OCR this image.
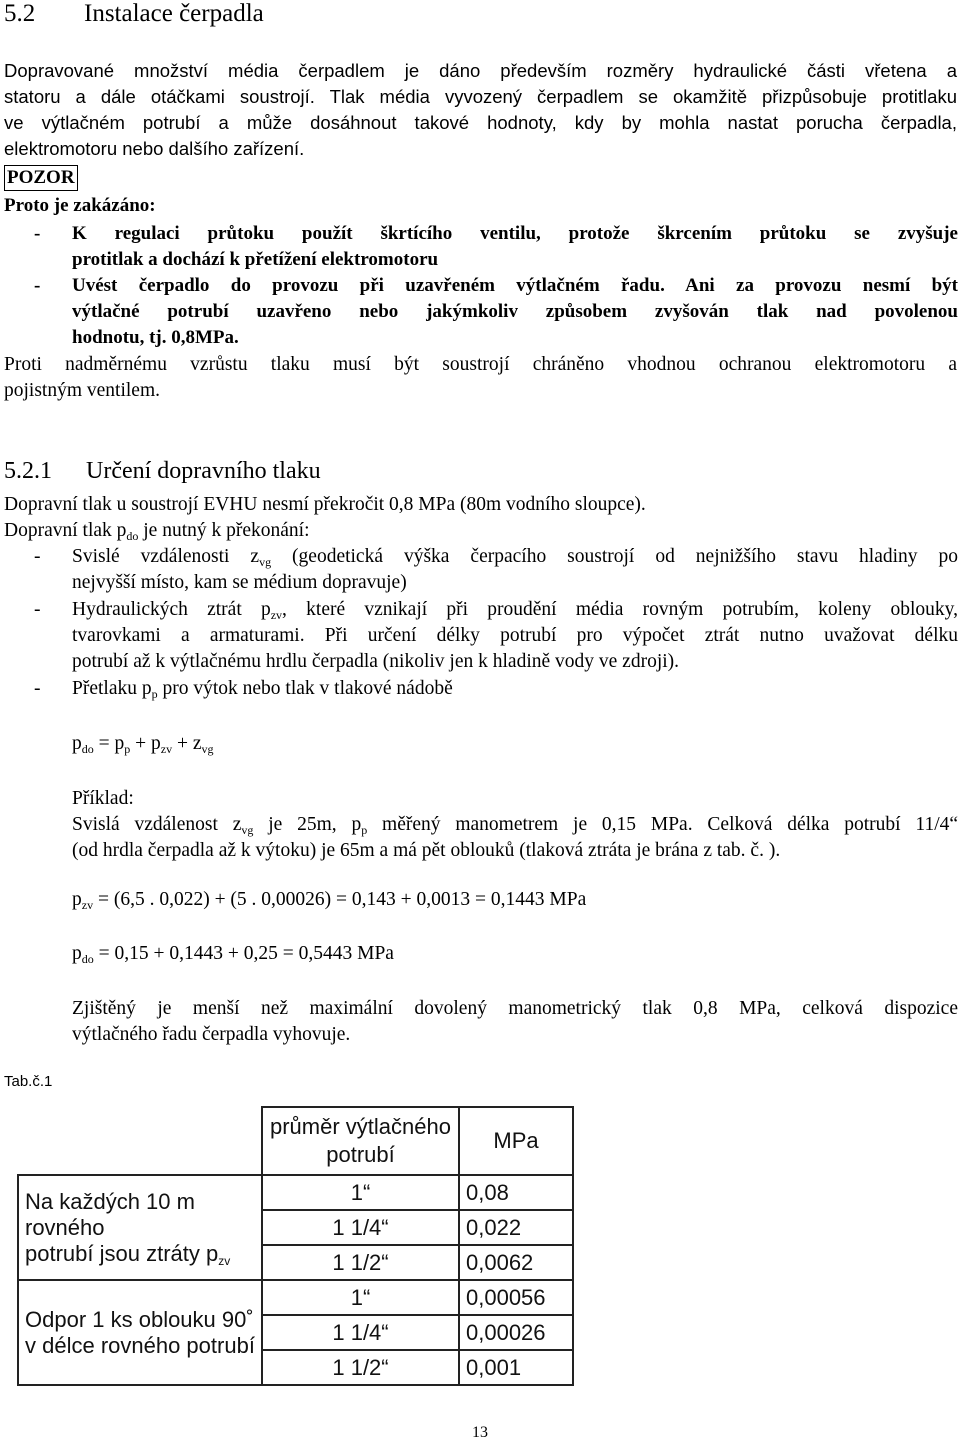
5.2 Instalace čerpadla
Dopravované množství média čerpadlem je dáno především rozměry hydraulické části vřetena a
statoru a dále otáčkami soustrojí. Tlak média vyvozený čerpadlem se okamžitě přizpůsobuje protitlaku
ve výtlačném potrubí a může dosáhnout takové hodnoty, kdy by mohla nastat porucha čerpadla,
elektromotoru nebo dalšího zařízení.
POZOR
Proto je zakázáno:
- K regulaci průtoku použít škrtícího ventilu, protože škrcením průtoku se zvyšuje
protitlak a dochází k přetížení elektromotoru
- Uvést čerpadlo do provozu při uzavřeném výtlačném řadu. Ani za provozu nesmí být
výtlačné potrubí uzavřeno nebo jakýmkoliv způsobem zvyšován tlak nad povolenou
hodnotu, tj. 0,8MPa.
Proti nadměrnému vzrůstu tlaku musí být soustrojí chráněno vhodnou ochranou elektromotoru a
pojistným ventilem.
5.2.1 Určení dopravního tlaku
Dopravní tlak u soustrojí EVHU nesmí překročit 0,8 MPa (80m vodního sloupce).
Dopravní tlak $p_{do}$ je nutný k překonání:
- Svislé vzdálenosti $z_{vg}$ (geodetická výška čerpacího soustrojí od nejnižšího stavu hladiny po
nejvyšší místo, kam se médium dopravuje)
- Hydraulických ztrát $p_{zv}$, které vznikají při proudění média rovným potrubím, koleny oblouky,
tvarovkami a armaturami. Při určení délky potrubí pro výpočet ztrát nutno uvažovat délku
potrubí až k výtlačnému hrdlu čerpadla (nikoliv jen k hladině vody ve zdroji).
- Přetlaku $p_p$ pro výtok nebo tlak v tlakové nádobě
$p_{do} = p_p + p_{zv} + z_{vg}$
Příklad:
Svislá vzdálenost $z_{vg}$ je 25m, $p_p$ měřený manometrem je 0,15 MPa. Celková délka potrubí 11/4“
(od hrdla čerpadla až k výtoku) je 65m a má pět oblouků (tlaková ztráta je brána z tab. č. ).
$p_{zv} = (6,5$ . 0,022) + (5 . 0,00026) = 0,143 + 0,0013 = 0,1443 MPa
$p_{do} = 0,15 + 0,1443 + 0,25 = 0,5443$ MPa
Zjištěný je menší než maximální dovolený manometrický tlak 0,8 MPa, celková dispozice
výtlačného řadu čerpadla vyhovuje.
Tab.č.1
	průměr výtlačného potrubí	MPa
Na každých 10 m rovného
potrubí jsou ztráty $p_{zv}$	1“	0,08
	1 1/4“	0,022
	1 1/2“	0,0062
Odpor 1 ks oblouku 90˚
v délce rovného potrubí	1“	0,00056
	1 1/4“	0,00026
	1 1/2“	0,001
13
